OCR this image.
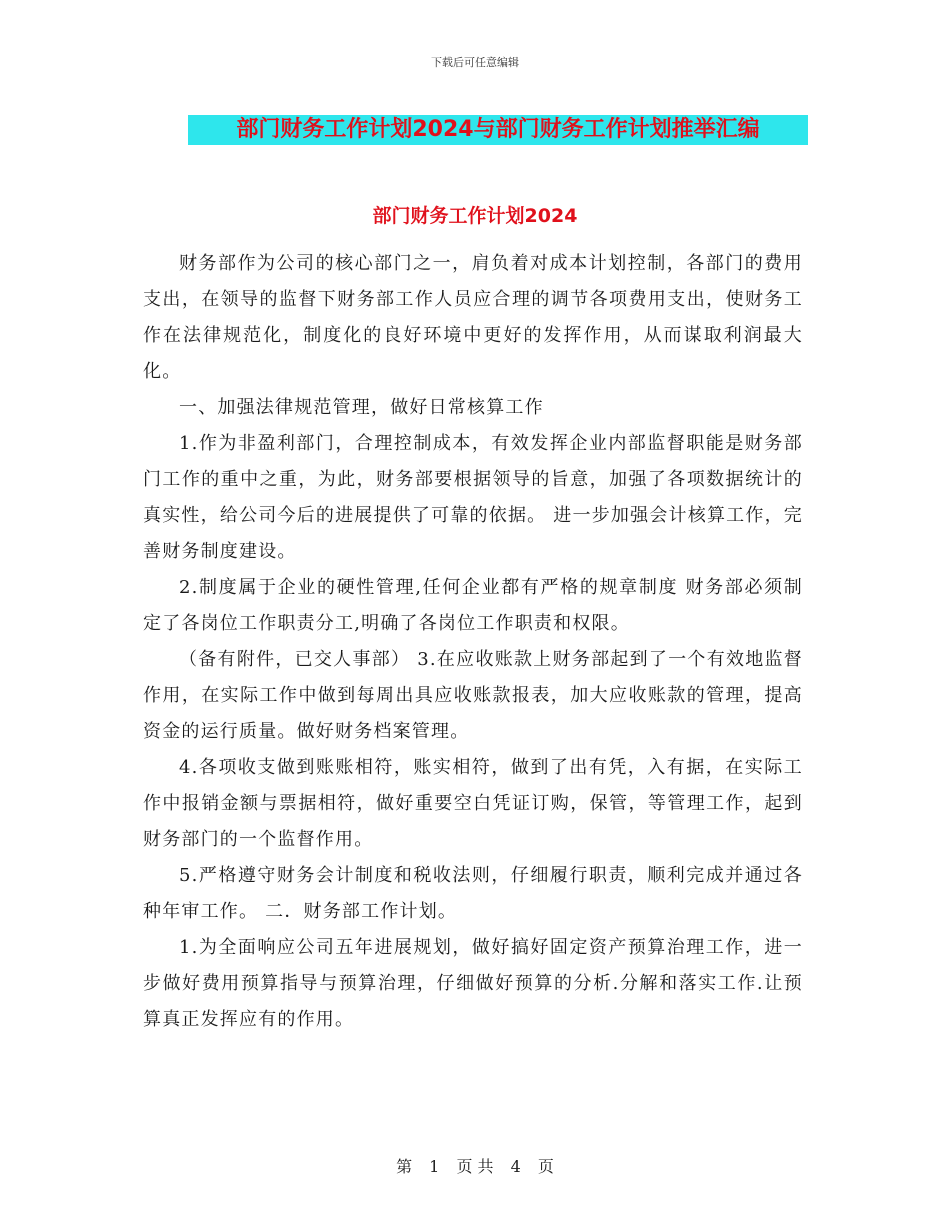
下载后可任意编辑
部门财务工作计划2024与部门财务工作计划推举汇编
部门财务工作计划2024

财务部作为公司的核心部门之一，肩负着对成本计划控制，各部门的费用支出，在领导的监督下财务部工作人员应合理的调节各项费用支出，使财务工作在法律规范化，制度化的良好环境中更好的发挥作用，从而谋取利润最大化。

一、加强法律规范管理，做好日常核算工作

1.作为非盈利部门，合理控制成本，有效发挥企业内部监督职能是财务部门工作的重中之重，为此，财务部要根据领导的旨意，加强了各项数据统计的真实性，给公司今后的进展提供了可靠的依据。 进一步加强会计核算工作，完善财务制度建设。

2.制度属于企业的硬性管理,任何企业都有严格的规章制度 财务部必须制定了各岗位工作职责分工,明确了各岗位工作职责和权限。

（备有附件，已交人事部） 3.在应收账款上财务部起到了一个有效地监督作用，在实际工作中做到每周出具应收账款报表，加大应收账款的管理，提高资金的运行质量。做好财务档案管理。

4.各项收支做到账账相符，账实相符，做到了出有凭，入有据，在实际工作中报销金额与票据相符，做好重要空白凭证订购，保管，等管理工作，起到财务部门的一个监督作用。

5.严格遵守财务会计制度和税收法则，仔细履行职责，顺利完成并通过各种年审工作。 二．财务部工作计划。

1.为全面响应公司五年进展规划，做好搞好固定资产预算治理工作，进一步做好费用预算指导与预算治理，仔细做好预算的分析.分解和落实工作.让预算真正发挥应有的作用。

第 1 页 共 4 页
